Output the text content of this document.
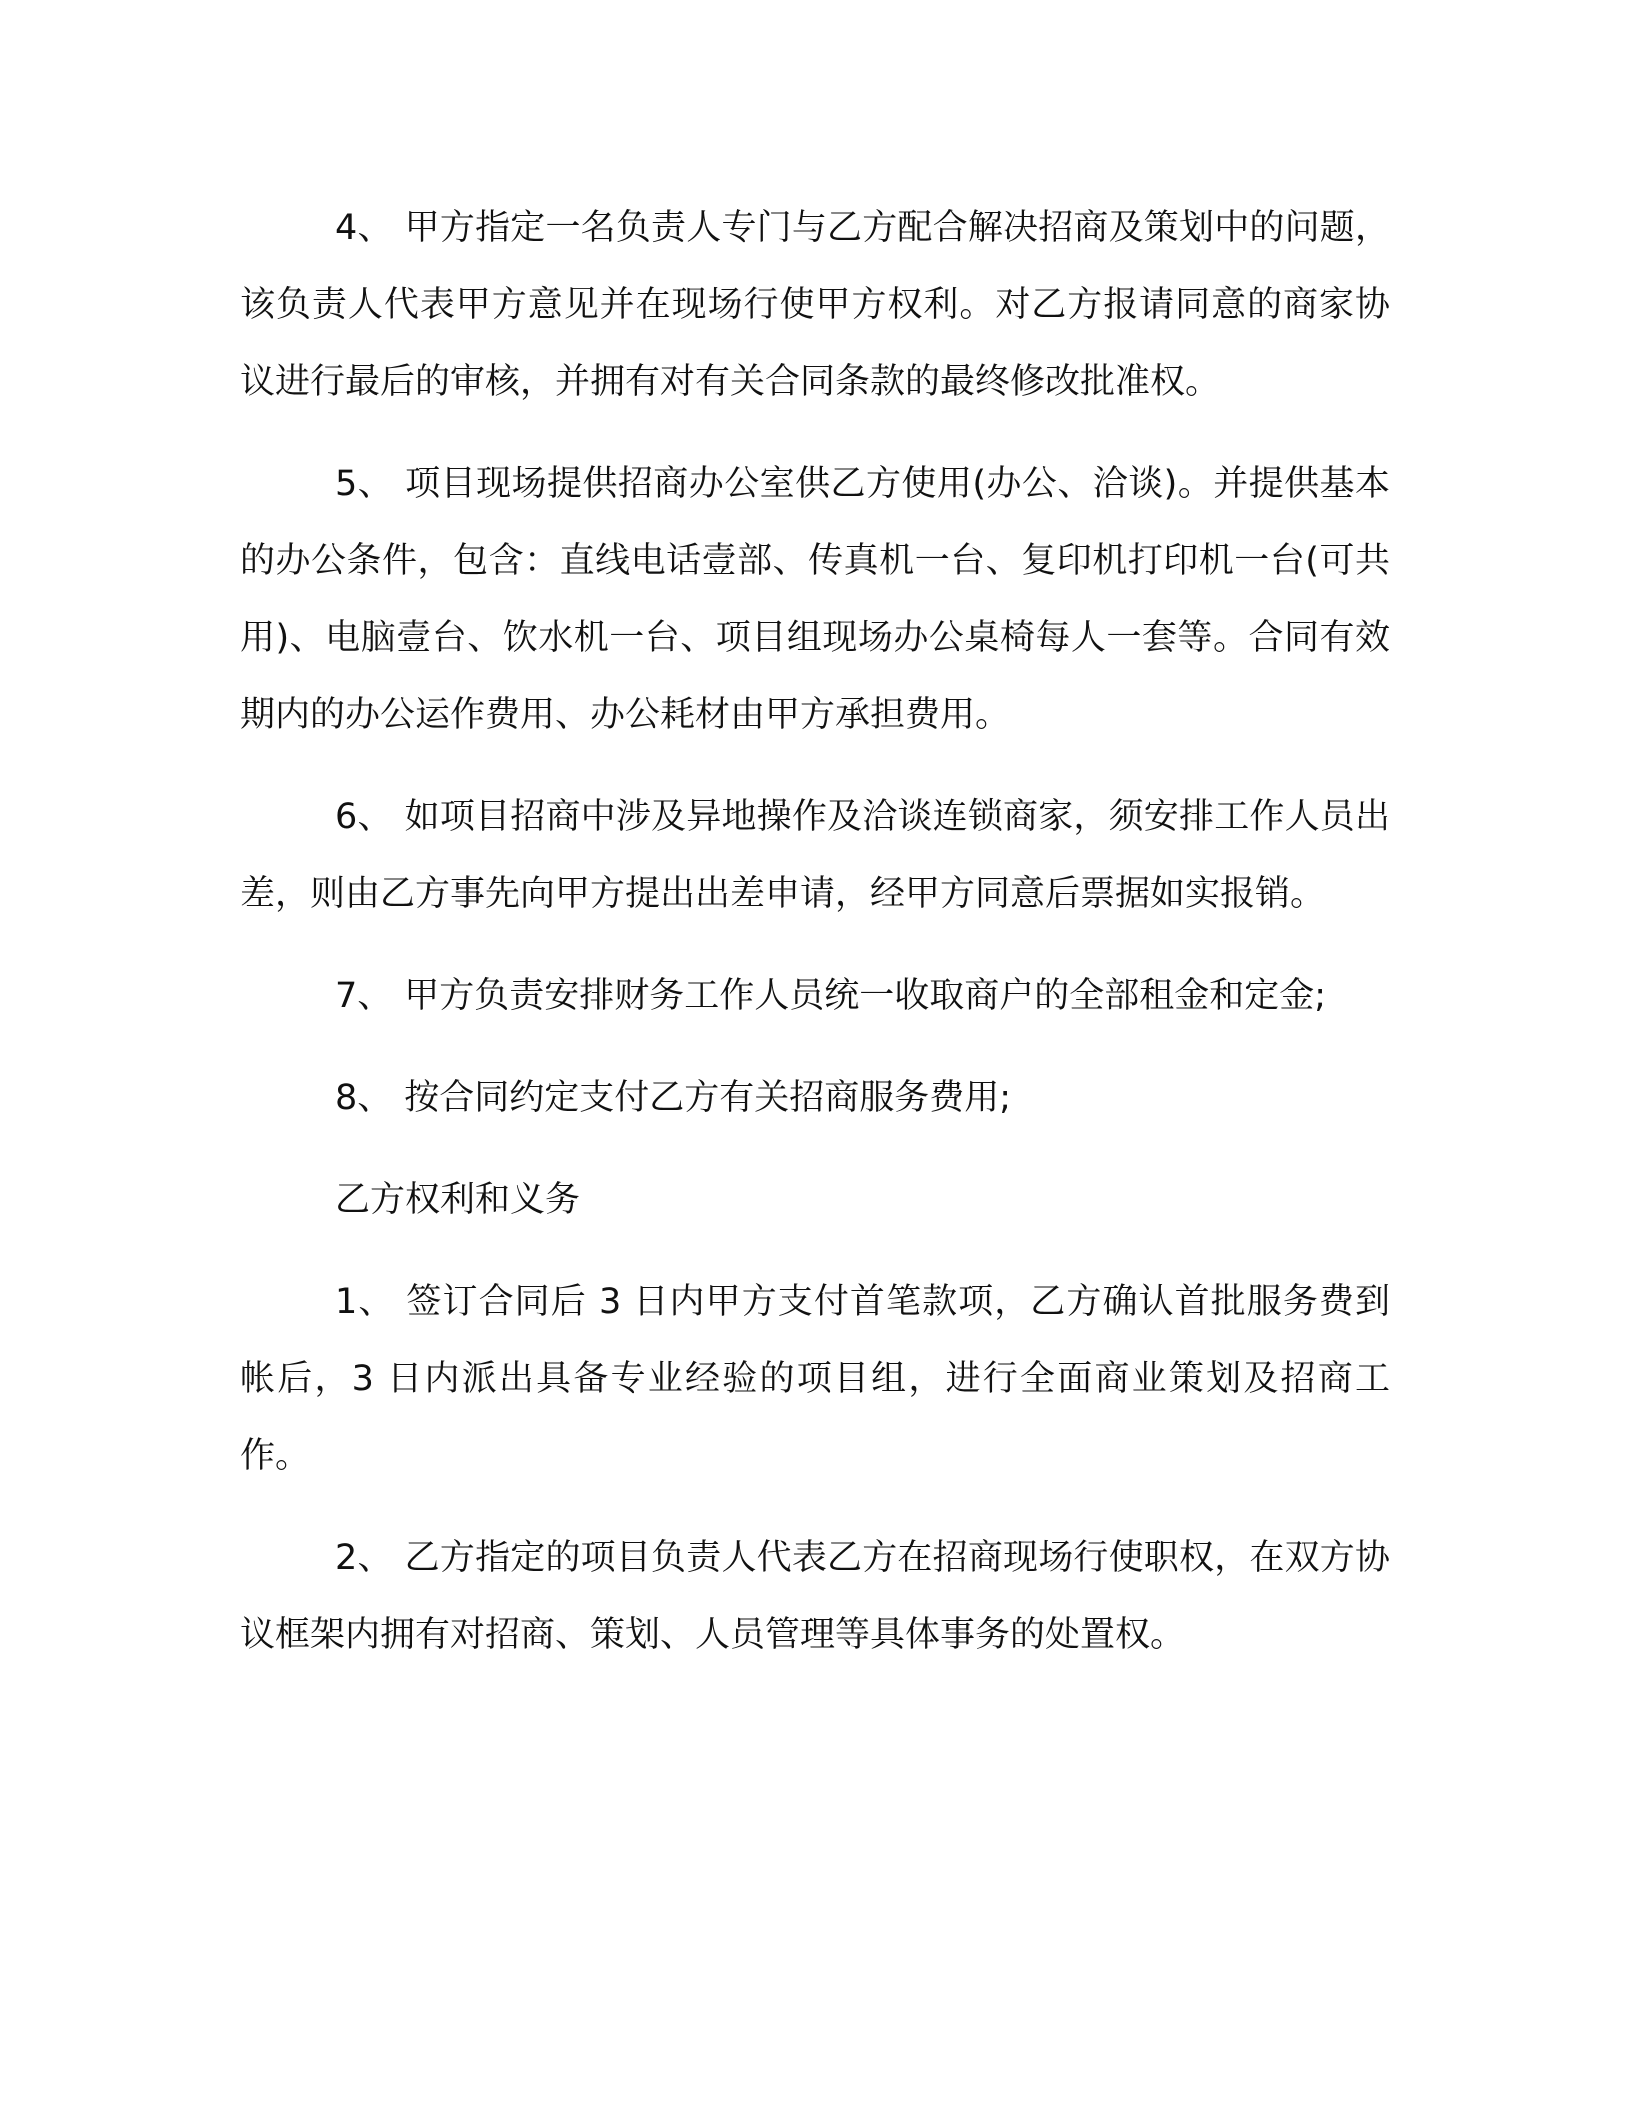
4、 甲方指定一名负责人专门与乙方配合解决招商及策划中的问题，该负责人代表甲方意见并在现场行使甲方权利。对乙方报请同意的商家协议进行最后的审核，并拥有对有关合同条款的最终修改批准权。

5、 项目现场提供招商办公室供乙方使用(办公、洽谈)。并提供基本的办公条件，包含：直线电话壹部、传真机一台、复印机打印机一台(可共用)、电脑壹台、饮水机一台、项目组现场办公桌椅每人一套等。合同有效期内的办公运作费用、办公耗材由甲方承担费用。

6、 如项目招商中涉及异地操作及洽谈连锁商家，须安排工作人员出差，则由乙方事先向甲方提出出差申请，经甲方同意后票据如实报销。

7、 甲方负责安排财务工作人员统一收取商户的全部租金和定金;

8、 按合同约定支付乙方有关招商服务费用;

乙方权利和义务

1、 签订合同后 3 日内甲方支付首笔款项，乙方确认首批服务费到帐后，3 日内派出具备专业经验的项目组，进行全面商业策划及招商工作。

2、 乙方指定的项目负责人代表乙方在招商现场行使职权，在双方协议框架内拥有对招商、策划、人员管理等具体事务的处置权。
